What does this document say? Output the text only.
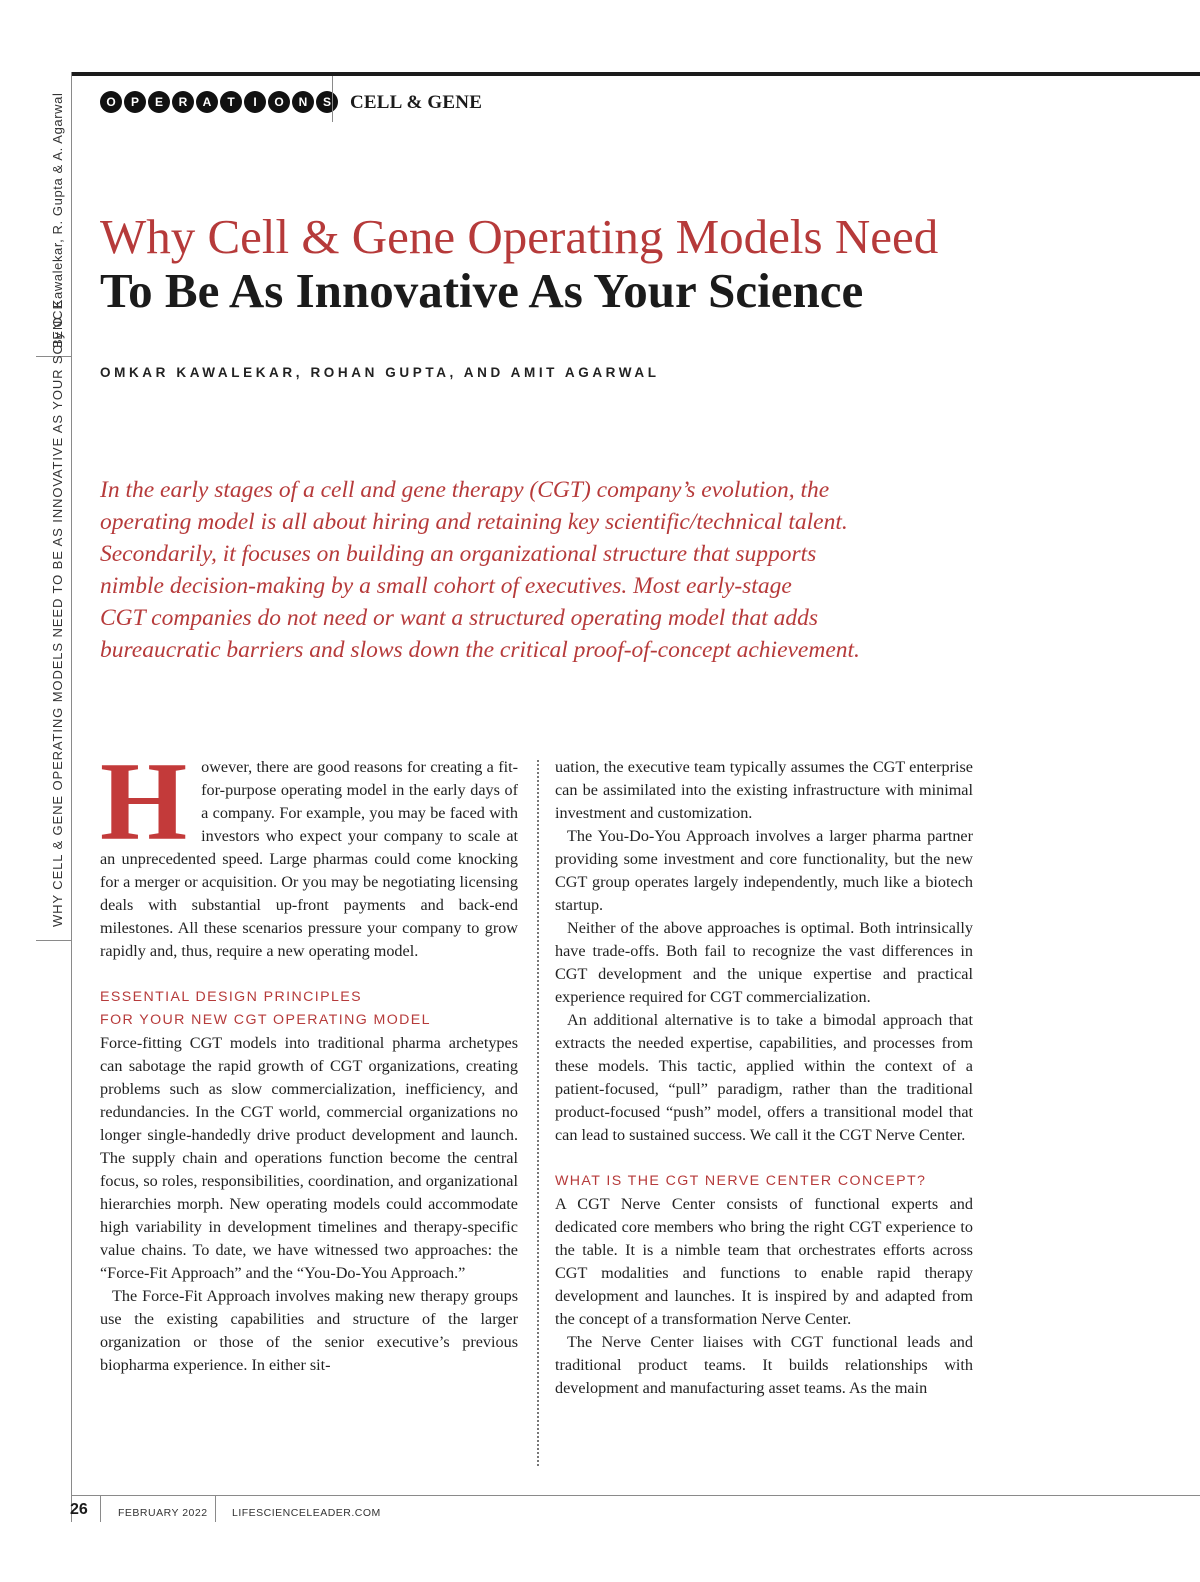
By O. Kawalekar, R. Gupta & A. Agarwal
WHY CELL & GENE OPERATING MODELS NEED TO BE AS INNOVATIVE AS YOUR SCIENCE
O	P	E	R	A	T	I	O	N	S	CELL & GENE
Why Cell & Gene Operating Models Need
To Be As Innovative As Your Science
OMKAR KAWALEKAR, ROHAN GUPTA, AND AMIT AGARWAL
In the early stages of a cell and gene therapy (CGT) company’s evolution, the
operating model is all about hiring and retaining key scientific/technical talent.
Secondarily, it focuses on building an organizational structure that supports
nimble decision-making by a small cohort of executives. Most early-stage
CGT companies do not need or want a structured operating model that adds
bureaucratic barriers and slows down the critical proof-of-concept achievement.
H owever, there are good reasons for creating a fit-for-purpose operating model in the early days of a company. For example, you may be faced with investors who expect your company to scale at an unprecedented speed. Large pharmas could come knocking for a merger or acquisition. Or you may be negotiating licensing deals with substantial up-front payments and back-end milestones. All these scenarios pressure your company to grow rapidly and, thus, require a new operating model.

ESSENTIAL DESIGN PRINCIPLES

FOR YOUR NEW CGT OPERATING MODEL

Force-fitting CGT models into traditional pharma archetypes can sabotage the rapid growth of CGT organizations, creating problems such as slow commercialization, inefficiency, and redundancies. In the CGT world, commercial organizations no longer single-handedly drive product development and launch. The supply chain and operations function become the central focus, so roles, responsibilities, coordination, and organizational hierarchies morph. New operating models could accommodate high variability in development timelines and therapy-specific value chains. To date, we have witnessed two approaches: the “Force-Fit Approach” and the “You-Do-You Approach.”

The Force-Fit Approach involves making new therapy groups use the existing capabilities and structure of the larger organization or those of the senior executive’s previous biopharma experience. In either sit-

uation, the executive team typically assumes the CGT enterprise can be assimilated into the existing infrastructure with minimal investment and customization.

The You-Do-You Approach involves a larger pharma partner providing some investment and core functionality, but the new CGT group operates largely independently, much like a biotech startup.

Neither of the above approaches is optimal. Both intrinsically have trade-offs. Both fail to recognize the vast differences in CGT development and the unique expertise and practical experience required for CGT commercialization.

An additional alternative is to take a bimodal approach that extracts the needed expertise, capabilities, and processes from these models. This tactic, applied within the context of a patient-focused, “pull” paradigm, rather than the traditional product-focused “push” model, offers a transitional model that can lead to sustained success. We call it the CGT Nerve Center.

WHAT IS THE CGT NERVE CENTER CONCEPT?

A CGT Nerve Center consists of functional experts and dedicated core members who bring the right CGT experience to the table. It is a nimble team that orchestrates efforts across CGT modalities and functions to enable rapid therapy development and launches. It is inspired by and adapted from the concept of a transformation Nerve Center.

The Nerve Center liaises with CGT functional leads and traditional product teams. It builds relationships with development and manufacturing asset teams. As the main

26	FEBRUARY 2022 LIFESCIENCELEADER.COM
